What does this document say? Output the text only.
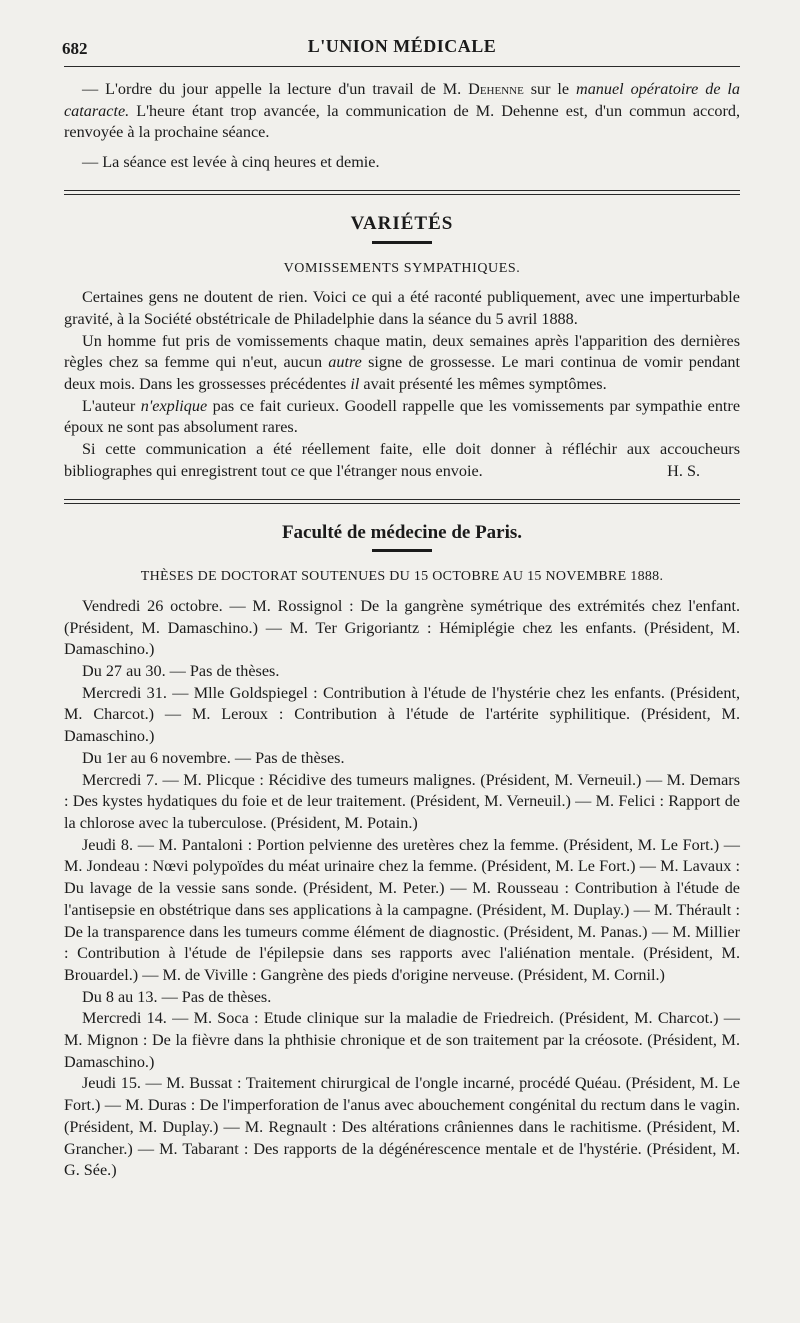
682	L'UNION MÉDICALE

— L'ordre du jour appelle la lecture d'un travail de M. Dehenne sur le manuel opératoire de la cataracte. L'heure étant trop avancée, la communication de M. Dehenne est, d'un commun accord, renvoyée à la prochaine séance.

— La séance est levée à cinq heures et demie.

VARIÉTÉS
VOMISSEMENTS SYMPATHIQUES.

Certaines gens ne doutent de rien. Voici ce qui a été raconté publiquement, avec une imperturbable gravité, à la Société obstétricale de Philadelphie dans la séance du 5 avril 1888.

Un homme fut pris de vomissements chaque matin, deux semaines après l'apparition des dernières règles chez sa femme qui n'eut, aucun autre signe de grossesse. Le mari continua de vomir pendant deux mois. Dans les grossesses précédentes il avait présenté les mêmes symptômes.

L'auteur n'explique pas ce fait curieux. Goodell rappelle que les vomissements par sympathie entre époux ne sont pas absolument rares.

Si cette communication a été réellement faite, elle doit donner à réfléchir aux accoucheurs bibliographes qui enregistrent tout ce que l'étranger nous envoie.	H. S.

Faculté de médecine de Paris.
THÈSES DE DOCTORAT SOUTENUES DU 15 OCTOBRE AU 15 NOVEMBRE 1888.

Vendredi 26 octobre. — M. Rossignol : De la gangrène symétrique des extrémités chez l'enfant. (Président, M. Damaschino.) — M. Ter Grigoriantz : Hémiplégie chez les enfants. (Président, M. Damaschino.)

Du 27 au 30. — Pas de thèses.

Mercredi 31. — Mlle Goldspiegel : Contribution à l'étude de l'hystérie chez les enfants. (Président, M. Charcot.) — M. Leroux : Contribution à l'étude de l'artérite syphilitique. (Président, M. Damaschino.)

Du 1er au 6 novembre. — Pas de thèses.

Mercredi 7. — M. Plicque : Récidive des tumeurs malignes. (Président, M. Verneuil.) — M. Demars : Des kystes hydatiques du foie et de leur traitement. (Président, M. Verneuil.) — M. Felici : Rapport de la chlorose avec la tuberculose. (Président, M. Potain.)

Jeudi 8. — M. Pantaloni : Portion pelvienne des uretères chez la femme. (Président, M. Le Fort.) — M. Jondeau : Nœvi polypoïdes du méat urinaire chez la femme. (Président, M. Le Fort.) — M. Lavaux : Du lavage de la vessie sans sonde. (Président, M. Peter.) — M. Rousseau : Contribution à l'étude de l'antisepsie en obstétrique dans ses applications à la campagne. (Président, M. Duplay.) — M. Thérault : De la transparence dans les tumeurs comme élément de diagnostic. (Président, M. Panas.) — M. Millier : Contribution à l'étude de l'épilepsie dans ses rapports avec l'aliénation mentale. (Président, M. Brouardel.) — M. de Viville : Gangrène des pieds d'origine nerveuse. (Président, M. Cornil.)

Du 8 au 13. — Pas de thèses.

Mercredi 14. — M. Soca : Etude clinique sur la maladie de Friedreich. (Président, M. Charcot.) — M. Mignon : De la fièvre dans la phthisie chronique et de son traitement par la créosote. (Président, M. Damaschino.)

Jeudi 15. — M. Bussat : Traitement chirurgical de l'ongle incarné, procédé Quéau. (Président, M. Le Fort.) — M. Duras : De l'imperforation de l'anus avec abouchement congénital du rectum dans le vagin. (Président, M. Duplay.) — M. Regnault : Des altérations crâniennes dans le rachitisme. (Président, M. Grancher.) — M. Tabarant : Des rapports de la dégénérescence mentale et de l'hystérie. (Président, M. G. Sée.)
